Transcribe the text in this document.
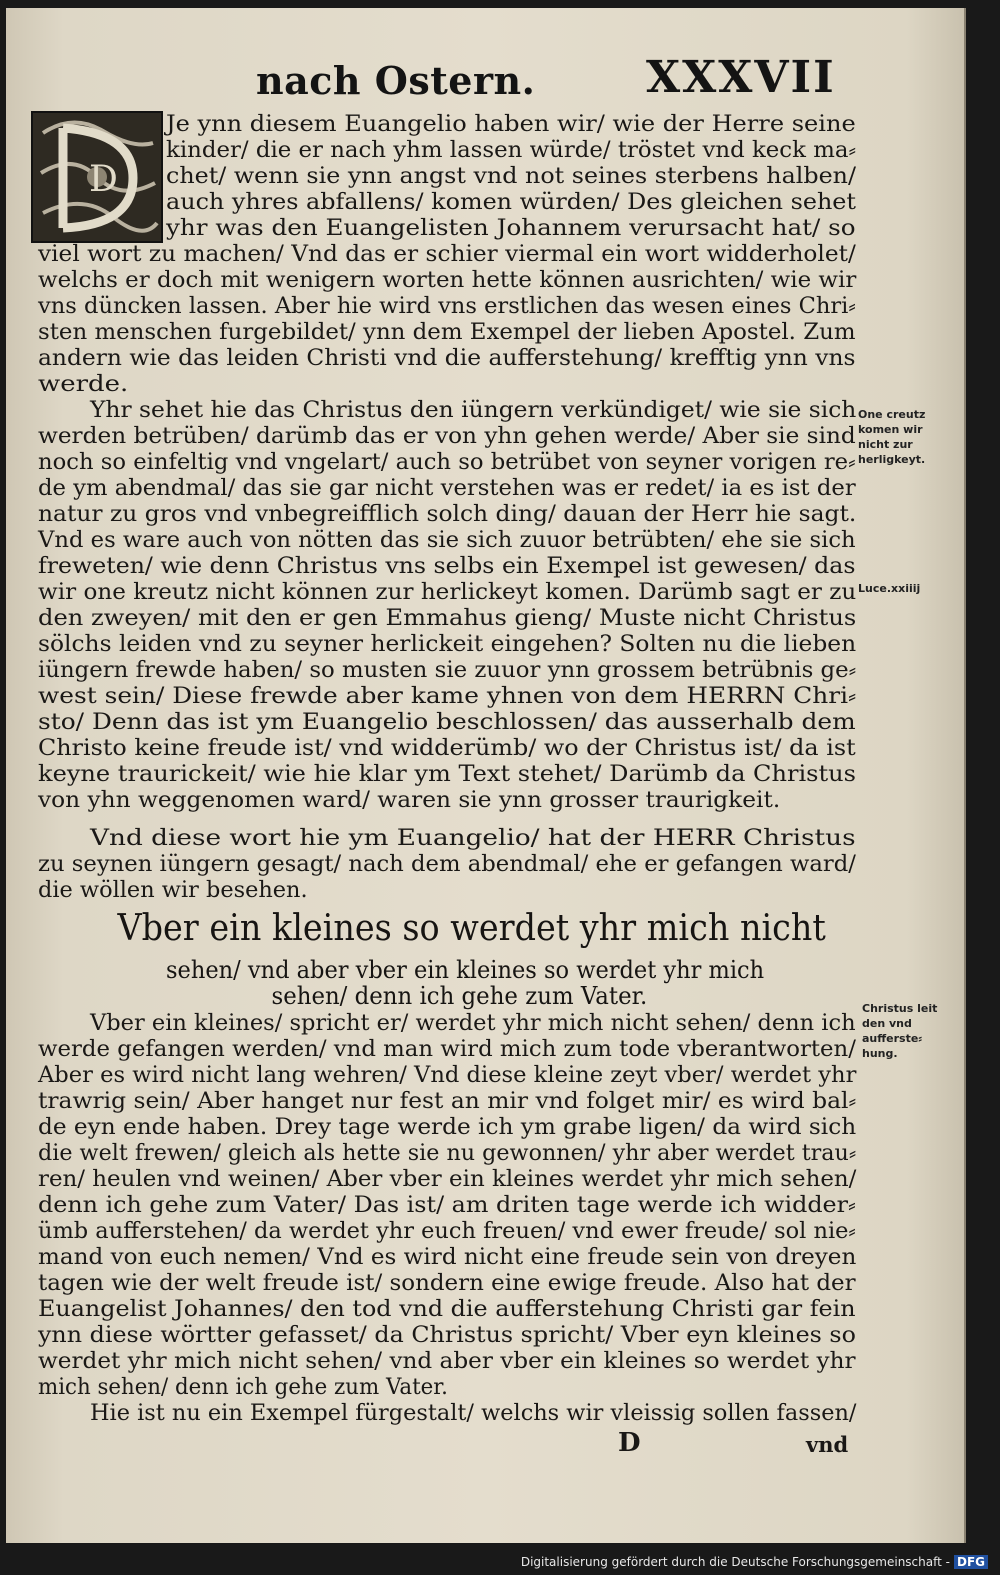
nach Ostern.	XXXVII
D
Je ynn diesem Euangelio haben wir/ wie der Herre seine
kinder/ die er nach yhm lassen würde/ tröstet vnd keck ma⸗
chet/ wenn sie ynn angst vnd not seines sterbens halben/
auch yhres abfallens/ komen würden/ Des gleichen sehet
yhr was den Euangelisten Johannem verursacht hat/ so
viel wort zu machen/ Vnd das er schier viermal ein wort widderholet/
welchs er doch mit wenigern worten hette können ausrichten/ wie wir
vns düncken lassen. Aber hie wird vns erstlichen das wesen eines Chri⸗
sten menschen furgebildet/ ynn dem Exempel der lieben Apostel. Zum
andern wie das leiden Christi vnd die aufferstehung/ krefftig ynn vns
werde.
Yhr sehet hie das Christus den iüngern verkündiget/ wie sie sich
werden betrüben/ darümb das er von yhn gehen werde/ Aber sie sind
noch so einfeltig vnd vngelart/ auch so betrübet von seyner vorigen re⸗
de ym abendmal/ das sie gar nicht verstehen was er redet/ ia es ist der
natur zu gros vnd vnbegreifflich solch ding/ dauan der Herr hie sagt.
Vnd es ware auch von nötten das sie sich zuuor betrübten/ ehe sie sich
freweten/ wie denn Christus vns selbs ein Exempel ist gewesen/ das
wir one kreutz nicht können zur herlickeyt komen. Darümb sagt er zu
den zweyen/ mit den er gen Emmahus gieng/ Muste nicht Christus
sölchs leiden vnd zu seyner herlickeit eingehen? Solten nu die lieben
iüngern frewde haben/ so musten sie zuuor ynn grossem betrübnis ge⸗
west sein/ Diese frewde aber kame yhnen von dem HERRN Chri⸗
sto/ Denn das ist ym Euangelio beschlossen/ das ausserhalb dem
Christo keine freude ist/ vnd widderümb/ wo der Christus ist/ da ist
keyne traurickeit/ wie hie klar ym Text stehet/ Darümb da Christus
von yhn weggenomen ward/ waren sie ynn grosser traurigkeit.
Vnd diese wort hie ym Euangelio/ hat der HERR Christus
zu seynen iüngern gesagt/ nach dem abendmal/ ehe er gefangen ward/
die wöllen wir besehen.
Vber ein kleines so werdet yhr mich nicht
sehen/ vnd aber vber ein kleines so werdet yhr mich
sehen/ denn ich gehe zum Vater.
Vber ein kleines/ spricht er/ werdet yhr mich nicht sehen/ denn ich
werde gefangen werden/ vnd man wird mich zum tode vberantworten/
Aber es wird nicht lang wehren/ Vnd diese kleine zeyt vber/ werdet yhr
trawrig sein/ Aber hanget nur fest an mir vnd folget mir/ es wird bal⸗
de eyn ende haben. Drey tage werde ich ym grabe ligen/ da wird sich
die welt frewen/ gleich als hette sie nu gewonnen/ yhr aber werdet trau⸗
ren/ heulen vnd weinen/ Aber vber ein kleines werdet yhr mich sehen/
denn ich gehe zum Vater/ Das ist/ am driten tage werde ich widder⸗
ümb aufferstehen/ da werdet yhr euch freuen/ vnd ewer freude/ sol nie⸗
mand von euch nemen/ Vnd es wird nicht eine freude sein von dreyen
tagen wie der welt freude ist/ sondern eine ewige freude. Also hat der
Euangelist Johannes/ den tod vnd die aufferstehung Christi gar fein
ynn diese wörtter gefasset/ da Christus spricht/ Vber eyn kleines so
werdet yhr mich nicht sehen/ vnd aber vber ein kleines so werdet yhr
mich sehen/ denn ich gehe zum Vater.
Hie ist nu ein Exempel fürgestalt/ welchs wir vleissig sollen fassen/
One creutz
komen wir
nicht zur
herligkeyt.
Luce.xxiiij
Christus leit
den vnd
aufferste⸗
hung.
D	vnd
Digitalisierung gefördert durch die Deutsche Forschungsgemeinschaft - DFG
